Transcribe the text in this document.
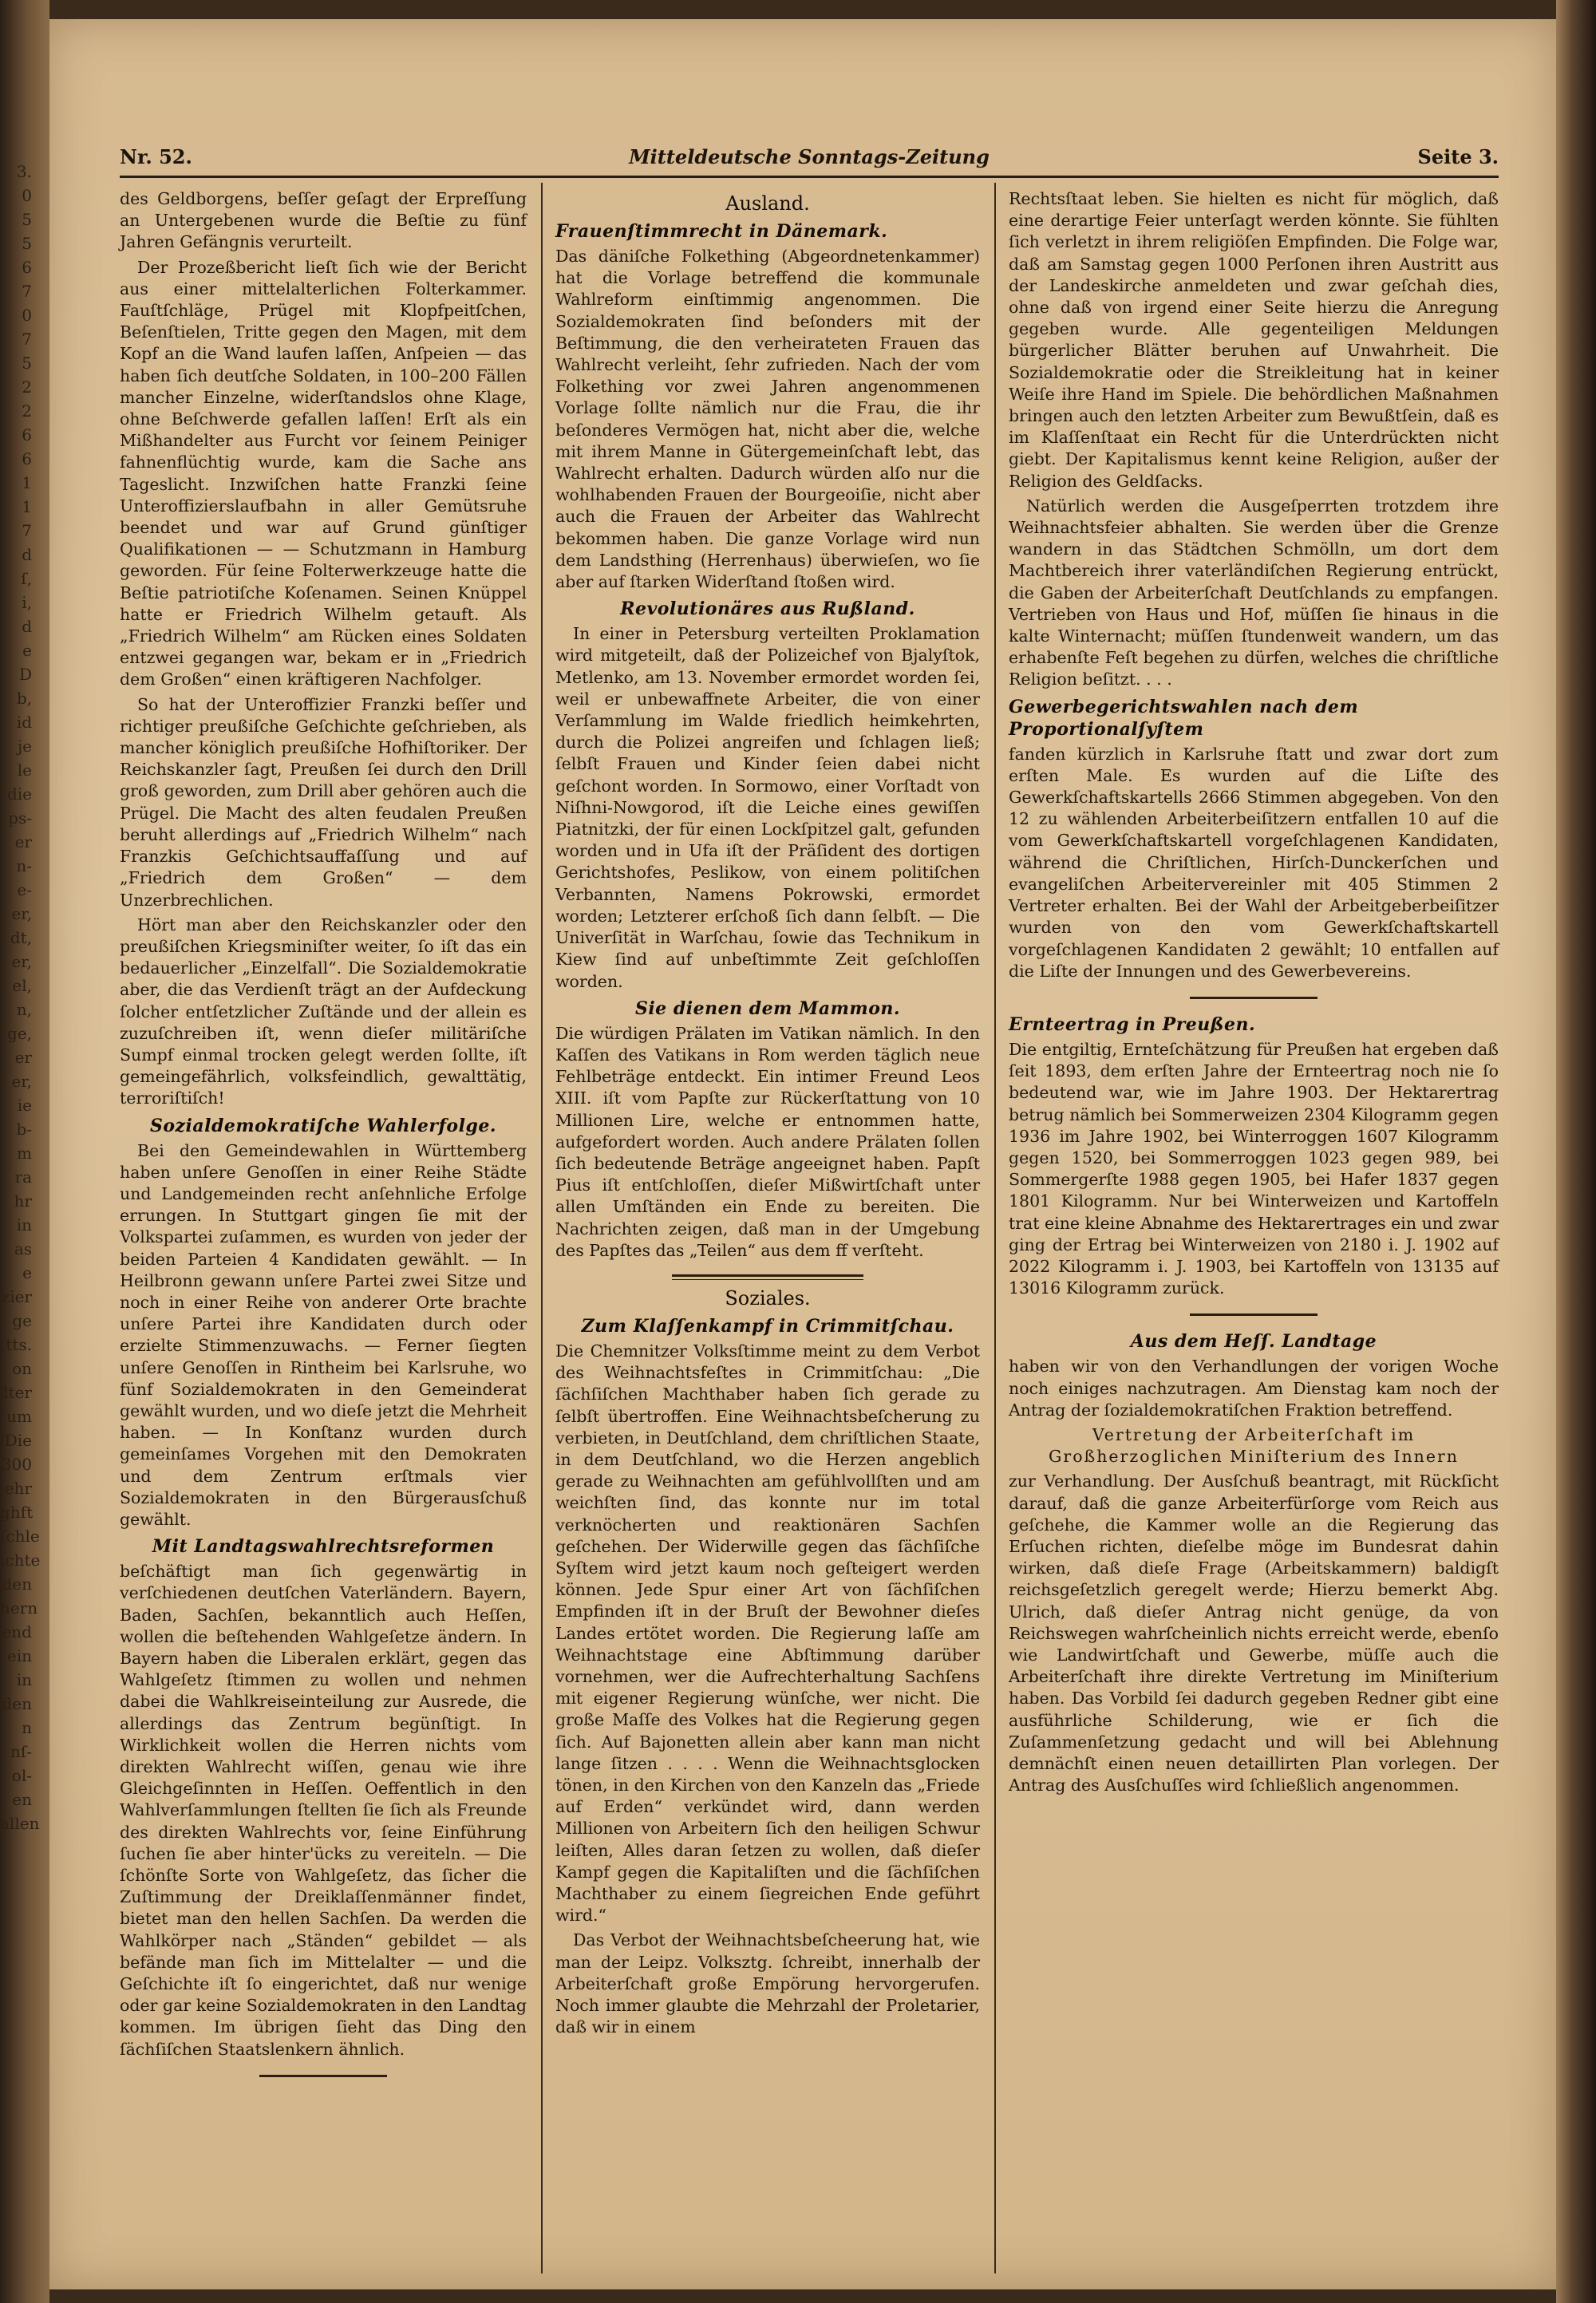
3.
0
5
5
6
7
0
7
5
2
2
6
6
1
1
7
d
ſ,
i,
d
e
D
b,
id
je
le
die
ps-
er
n-
e-
er,
dt,
er,
el,
n,
ge,
er
er,
ie
b-
m
ra
hr
in
as
e
zier
ge
tts.
on
lter
um
Die
300
ehr
ghft
ſchle
ichte
den
hern
end
ein
in
den
n
nſ-
ol-
en
allen
Nr. 52.	Mitteldeutsche Sonntags-Zeitung	Seite 3.

des Geldborgens, beſſer geſagt der Erpreſſung an Untergebenen wurde die Beſtie zu fünf Jahren Gefängnis verurteilt.

Der Prozeßbericht lieſt ſich wie der Bericht aus einer mittelalterlichen Folterkammer. Fauſtſchläge, Prügel mit Klopfpeitſchen, Beſenſtielen, Tritte gegen den Magen, mit dem Kopf an die Wand laufen laſſen, Anſpeien — das haben ſich deutſche Soldaten, in 100–200 Fällen mancher Einzelne, widerſtandslos ohne Klage, ohne Beſchwerde gefallen laſſen! Erſt als ein Mißhandelter aus Furcht vor ſeinem Peiniger fahnenflüchtig wurde, kam die Sache ans Tageslicht. Inzwiſchen hatte Franzki ſeine Unteroffizierslaufbahn in aller Gemütsruhe beendet und war auf Grund günſtiger Qualifikationen — — Schutzmann in Hamburg geworden. Für ſeine Folterwerkzeuge hatte die Beſtie patriotiſche Koſenamen. Seinen Knüppel hatte er Friedrich Wilhelm getauft. Als „Friedrich Wilhelm“ am Rücken eines Soldaten entzwei gegangen war, bekam er in „Friedrich dem Großen“ einen kräftigeren Nachfolger.

So hat der Unteroffizier Franzki beſſer und richtiger preußiſche Geſchichte geſchrieben, als mancher königlich preußiſche Hofhiſtoriker. Der Reichskanzler ſagt, Preußen ſei durch den Drill groß geworden, zum Drill aber gehören auch die Prügel. Die Macht des alten feudalen Preußen beruht allerdings auf „Friedrich Wilhelm“ nach Franzkis Geſchichtsauffaſſung und auf „Friedrich dem Großen“ — dem Unzerbrechlichen.

Hört man aber den Reichskanzler oder den preußiſchen Kriegsminiſter weiter, ſo iſt das ein bedauerlicher „Einzelfall“. Die Sozialdemokratie aber, die das Verdienſt trägt an der Aufdeckung ſolcher entſetzlicher Zuſtände und der allein es zuzuſchreiben iſt, wenn dieſer militäriſche Sumpf einmal trocken gelegt werden ſollte, iſt gemeingefährlich, volksfeindlich, gewalttätig, terroriſtiſch!

Sozialdemokratiſche Wahlerfolge.

Bei den Gemeindewahlen in Württemberg haben unſere Genoſſen in einer Reihe Städte und Landgemeinden recht anſehnliche Erfolge errungen. In Stuttgart gingen ſie mit der Volkspartei zuſammen, es wurden von jeder der beiden Parteien 4 Kandidaten gewählt. — In Heilbronn gewann unſere Partei zwei Sitze und noch in einer Reihe von anderer Orte brachte unſere Partei ihre Kandidaten durch oder erzielte Stimmenzuwachs. — Ferner ſiegten unſere Genoſſen in Rintheim bei Karlsruhe, wo fünf Sozialdemokraten in den Gemeinderat gewählt wurden, und wo dieſe jetzt die Mehrheit haben. — In Konſtanz wurden durch gemeinſames Vorgehen mit den Demokraten und dem Zentrum erſtmals vier Sozialdemokraten in den Bürgerausſchuß gewählt.

Mit Landtagswahlrechtsreformen

beſchäftigt man ſich gegenwärtig in verſchiedenen deutſchen Vaterländern. Bayern, Baden, Sachſen, bekanntlich auch Heſſen, wollen die beſtehenden Wahlgeſetze ändern. In Bayern haben die Liberalen erklärt, gegen das Wahlgeſetz ſtimmen zu wollen und nehmen dabei die Wahlkreiseinteilung zur Ausrede, die allerdings das Zentrum begünſtigt. In Wirklichkeit wollen die Herren nichts vom direkten Wahlrecht wiſſen, genau wie ihre Gleichgeſinnten in Heſſen. Oeffentlich in den Wahlverſammlungen ſtellten ſie ſich als Freunde des direkten Wahlrechts vor, ſeine Einführung ſuchen ſie aber hinter'ücks zu vereiteln. — Die ſchönſte Sorte von Wahlgeſetz, das ſicher die Zuſtimmung der Dreiklaſſenmänner findet, bietet man den hellen Sachſen. Da werden die Wahlkörper nach „Ständen“ gebildet — als befände man ſich im Mittelalter — und die Geſchichte iſt ſo eingerichtet, daß nur wenige oder gar keine Sozialdemokraten in den Landtag kommen. Im übrigen ſieht das Ding den ſächſiſchen Staatslenkern ähnlich.

Ausland.
Frauenſtimmrecht in Dänemark.

Das däniſche Folkething (Abgeordnetenkammer) hat die Vorlage betreffend die kommunale Wahlreform einſtimmig angenommen. Die Sozialdemokraten ſind beſonders mit der Beſtimmung, die den verheirateten Frauen das Wahlrecht verleiht, ſehr zufrieden. Nach der vom Folkething vor zwei Jahren angenommenen Vorlage ſollte nämlich nur die Frau, die ihr beſonderes Vermögen hat, nicht aber die, welche mit ihrem Manne in Gütergemeinſchaft lebt, das Wahlrecht erhalten. Dadurch würden alſo nur die wohlhabenden Frauen der Bourgeoiſie, nicht aber auch die Frauen der Arbeiter das Wahlrecht bekommen haben. Die ganze Vorlage wird nun dem Landsthing (Herrenhaus) überwieſen, wo ſie aber auf ſtarken Widerſtand ſtoßen wird.

Revolutionäres aus Rußland.

In einer in Petersburg verteilten Proklamation wird mitgeteilt, daß der Polizeichef von Bjalyſtok, Metlenko, am 13. November ermordet worden ſei, weil er unbewaffnete Arbeiter, die von einer Verſammlung im Walde friedlich heimkehrten, durch die Polizei angreifen und ſchlagen ließ; ſelbſt Frauen und Kinder ſeien dabei nicht geſchont worden. In Sormowo, einer Vorſtadt von Niſhni-Nowgorod, iſt die Leiche eines gewiſſen Piatnitzki, der für einen Lockſpitzel galt, gefunden worden und in Ufa iſt der Präſident des dortigen Gerichtshofes, Peslikow, von einem politiſchen Verbannten, Namens Pokrowski, ermordet worden; Letzterer erſchoß ſich dann ſelbſt. — Die Univerſität in Warſchau, ſowie das Technikum in Kiew ſind auf unbeſtimmte Zeit geſchloſſen worden.

Sie dienen dem Mammon.

Die würdigen Prälaten im Vatikan nämlich. In den Kaſſen des Vatikans in Rom werden täglich neue Fehlbeträge entdeckt. Ein intimer Freund Leos XIII. iſt vom Papſte zur Rückerſtattung von 10 Millionen Lire, welche er entnommen hatte, aufgefordert worden. Auch andere Prälaten ſollen ſich bedeutende Beträge angeeignet haben. Papſt Pius iſt entſchloſſen, dieſer Mißwirtſchaft unter allen Umſtänden ein Ende zu bereiten. Die Nachrichten zeigen, daß man in der Umgebung des Papſtes das „Teilen“ aus dem ff verſteht.

Soziales.
Zum Klaſſenkampf in Crimmitſchau.

Die Chemnitzer Volksſtimme meint zu dem Verbot des Weihnachtsfeſtes in Crimmitſchau: „Die ſächſiſchen Machthaber haben ſich gerade zu ſelbſt übertroffen. Eine Weihnachtsbeſcherung zu verbieten, in Deutſchland, dem chriſtlichen Staate, in dem Deutſchland, wo die Herzen angeblich gerade zu Weihnachten am gefühlvollſten und am weichſten ſind, das konnte nur im total verknöcherten und reaktionären Sachſen geſchehen. Der Widerwille gegen das ſächſiſche Syſtem wird jetzt kaum noch geſteigert werden können. Jede Spur einer Art von ſächſiſchen Empfinden iſt in der Bruſt der Bewohner dieſes Landes ertötet worden. Die Regierung laſſe am Weihnachtstage eine Abſtimmung darüber vornehmen, wer die Aufrechterhaltung Sachſens mit eigener Regierung wünſche, wer nicht. Die große Maſſe des Volkes hat die Regierung gegen ſich. Auf Bajonetten allein aber kann man nicht lange ſitzen . . . . Wenn die Weihnachtsglocken tönen, in den Kirchen von den Kanzeln das „Friede auf Erden“ verkündet wird, dann werden Millionen von Arbeitern ſich den heiligen Schwur leiſten, Alles daran ſetzen zu wollen, daß dieſer Kampf gegen die Kapitaliſten und die ſächſiſchen Machthaber zu einem ſiegreichen Ende geführt wird.“

Das Verbot der Weihnachtsbeſcheerung hat, wie man der Leipz. Volksztg. ſchreibt, innerhalb der Arbeiterſchaft große Empörung hervorgerufen. Noch immer glaubte die Mehrzahl der Proletarier, daß wir in einem

Rechtsſtaat leben. Sie hielten es nicht für möglich, daß eine derartige Feier unterſagt werden könnte. Sie fühlten ſich verletzt in ihrem religiöſen Empfinden. Die Folge war, daß am Samstag gegen 1000 Perſonen ihren Austritt aus der Landeskirche anmeldeten und zwar geſchah dies, ohne daß von irgend einer Seite hierzu die Anregung gegeben wurde. Alle gegenteiligen Meldungen bürgerlicher Blätter beruhen auf Unwahrheit. Die Sozialdemokratie oder die Streikleitung hat in keiner Weiſe ihre Hand im Spiele. Die behördlichen Maßnahmen bringen auch den letzten Arbeiter zum Bewußtſein, daß es im Klaſſenſtaat ein Recht für die Unterdrückten nicht giebt. Der Kapitalismus kennt keine Religion, außer der Religion des Geldſacks.

Natürlich werden die Ausgeſperrten trotzdem ihre Weihnachtsfeier abhalten. Sie werden über die Grenze wandern in das Städtchen Schmölln, um dort dem Machtbereich ihrer vaterländiſchen Regierung entrückt, die Gaben der Arbeiterſchaft Deutſchlands zu empfangen. Vertrieben von Haus und Hof, müſſen ſie hinaus in die kalte Winternacht; müſſen ſtundenweit wandern, um das erhabenſte Feſt begehen zu dürfen, welches die chriſtliche Religion beſitzt. . . .

Gewerbegerichtswahlen nach dem Proportionalſyſtem

fanden kürzlich in Karlsruhe ſtatt und zwar dort zum erſten Male. Es wurden auf die Liſte des Gewerkſchaftskartells 2666 Stimmen abgegeben. Von den 12 zu wählenden Arbeiterbeiſitzern entfallen 10 auf die vom Gewerkſchaftskartell vorgeſchlagenen Kandidaten, während die Chriſtlichen, Hirſch-Dunckerſchen und evangeliſchen Arbeitervereinler mit 405 Stimmen 2 Vertreter erhalten. Bei der Wahl der Arbeitgeberbeiſitzer wurden von den vom Gewerkſchaftskartell vorgeſchlagenen Kandidaten 2 gewählt; 10 entfallen auf die Liſte der Innungen und des Gewerbevereins.

Ernteertrag in Preußen.

Die entgiltig, Ernteſchätzung für Preußen hat ergeben daß ſeit 1893, dem erſten Jahre der Ernteertrag noch nie ſo bedeutend war, wie im Jahre 1903. Der Hektarertrag betrug nämlich bei Sommerweizen 2304 Kilogramm gegen 1936 im Jahre 1902, bei Winterroggen 1607 Kilogramm gegen 1520, bei Sommerroggen 1023 gegen 989, bei Sommergerſte 1988 gegen 1905, bei Hafer 1837 gegen 1801 Kilogramm. Nur bei Winterweizen und Kartoffeln trat eine kleine Abnahme des Hektarertrages ein und zwar ging der Ertrag bei Winterweizen von 2180 i. J. 1902 auf 2022 Kilogramm i. J. 1903, bei Kartoffeln von 13135 auf 13016 Kilogramm zurück.

Aus dem Heſſ. Landtage

haben wir von den Verhandlungen der vorigen Woche noch einiges nachzutragen. Am Dienstag kam noch der Antrag der ſozialdemokratiſchen Fraktion betreffend.

Vertretung der Arbeiterſchaft im Großherzoglichen Miniſterium des Innern

zur Verhandlung. Der Ausſchuß beantragt, mit Rückſicht darauf, daß die ganze Arbeiterfürſorge vom Reich aus geſchehe, die Kammer wolle an die Regierung das Erſuchen richten, dieſelbe möge im Bundesrat dahin wirken, daß dieſe Frage (Arbeitskammern) baldigſt reichsgeſetzlich geregelt werde; Hierzu bemerkt Abg. Ulrich, daß dieſer Antrag nicht genüge, da von Reichswegen wahrſcheinlich nichts erreicht werde, ebenſo wie Landwirtſchaft und Gewerbe, müſſe auch die Arbeiterſchaft ihre direkte Vertretung im Miniſterium haben. Das Vorbild ſei dadurch gegeben Redner gibt eine ausführliche Schilderung, wie er ſich die Zuſammenſetzung gedacht und will bei Ablehnung demnächſt einen neuen detaillirten Plan vorlegen. Der Antrag des Ausſchuſſes wird ſchließlich angenommen.
